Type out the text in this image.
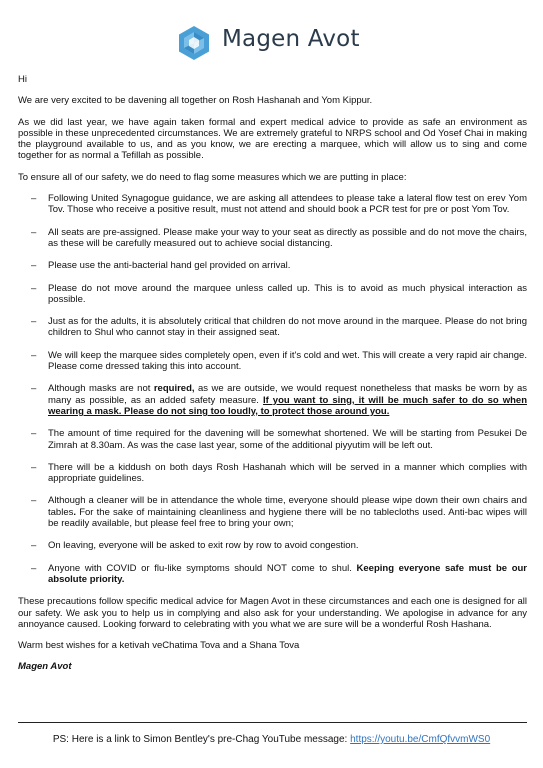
Magen Avot

Hi

We are very excited to be davening all together on Rosh Hashanah and Yom Kippur.

As we did last year, we have again taken formal and expert medical advice to provide as safe an environment as possible in these unprecedented circumstances. We are extremely grateful to NRPS school and Od Yosef Chai in making the playground available to us, and as you know, we are erecting a marquee, which will allow us to sing and come together for as normal a Tefillah as possible.

To ensure all of our safety, we do need to flag some measures which we are putting in place:

– Following United Synagogue guidance, we are asking all attendees to please take a lateral flow test on erev Yom Tov. Those who receive a positive result, must not attend and should book a PCR test for pre or post Yom Tov.
– All seats are pre-assigned. Please make your way to your seat as directly as possible and do not move the chairs, as these will be carefully measured out to achieve social distancing.
– Please use the anti-bacterial hand gel provided on arrival.
– Please do not move around the marquee unless called up. This is to avoid as much physical interaction as possible.
– Just as for the adults, it is absolutely critical that children do not move around in the marquee. Please do not bring children to Shul who cannot stay in their assigned seat.
– We will keep the marquee sides completely open, even if it's cold and wet. This will create a very rapid air change. Please come dressed taking this into account.
– Although masks are not required, as we are outside, we would request nonetheless that masks be worn by as many as possible, as an added safety measure. If you want to sing, it will be much safer to do so when wearing a mask. Please do not sing too loudly, to protect those around you.
– The amount of time required for the davening will be somewhat shortened. We will be starting from Pesukei De Zimrah at 8.30am. As was the case last year, some of the additional piyyutim will be left out.
– There will be a kiddush on both days Rosh Hashanah which will be served in a manner which complies with appropriate guidelines.
– Although a cleaner will be in attendance the whole time, everyone should please wipe down their own chairs and tables. For the sake of maintaining cleanliness and hygiene there will be no tablecloths used. Anti-bac wipes will be readily available, but please feel free to bring your own;
– On leaving, everyone will be asked to exit row by row to avoid congestion.
– Anyone with COVID or flu-like symptoms should NOT come to shul. Keeping everyone safe must be our absolute priority.

These precautions follow specific medical advice for Magen Avot in these circumstances and each one is designed for all our safety. We ask you to help us in complying and also ask for your understanding. We apologise in advance for any annoyance caused. Looking forward to celebrating with you what we are sure will be a wonderful Rosh Hashana.

Warm best wishes for a ketivah veChatima Tova and a Shana Tova

Magen Avot

PS: Here is a link to Simon Bentley's pre-Chag YouTube message: https://youtu.be/CmfQfvvmWS0
